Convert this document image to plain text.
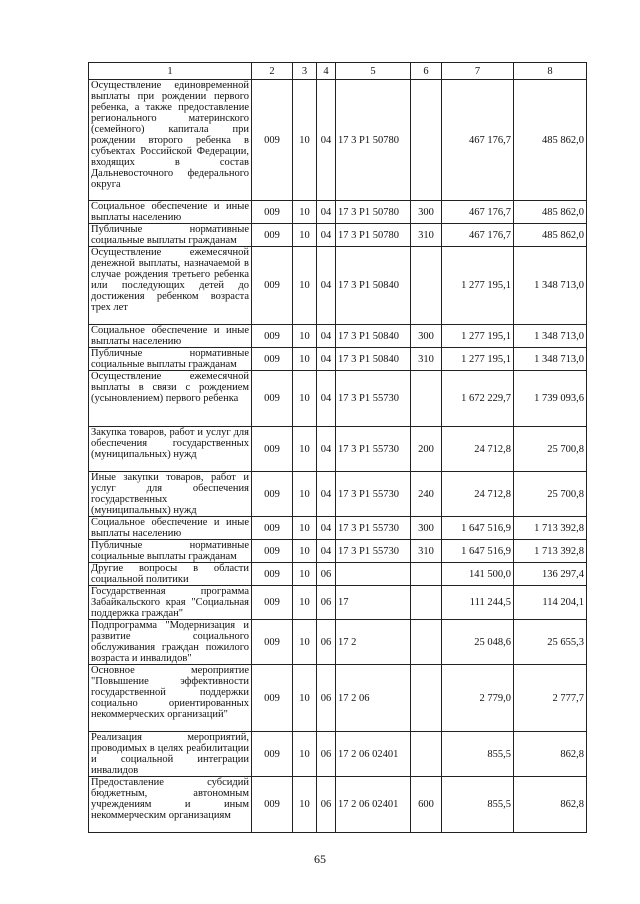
1	2	3	4	5	6	7	8
Осуществление единовременной выплаты при рождении первого ребенка, а также предоставление регионального материнского (семейного) капитала при рождении второго ребенка в субъектах Российской Федерации, входящих в состав Дальневосточного федерального округа	009	10	04	17 3 P1 50780		467 176,7	485 862,0
Социальное обеспечение и иные выплаты населению	009	10	04	17 3 P1 50780	300	467 176,7	485 862,0
Публичные нормативные социальные выплаты гражданам	009	10	04	17 3 P1 50780	310	467 176,7	485 862,0
Осуществление ежемесячной денежной выплаты, назначаемой в случае рождения третьего ребенка или последующих детей до достижения ребенком возраста трех лет	009	10	04	17 3 P1 50840		1 277 195,1	1 348 713,0
Социальное обеспечение и иные выплаты населению	009	10	04	17 3 P1 50840	300	1 277 195,1	1 348 713,0
Публичные нормативные социальные выплаты гражданам	009	10	04	17 3 P1 50840	310	1 277 195,1	1 348 713,0
Осуществление ежемесячной выплаты в связи с рождением (усыновлением) первого ребенка	009	10	04	17 3 P1 55730		1 672 229,7	1 739 093,6
Закупка товаров, работ и услуг для обеспечения государственных (муниципальных) нужд	009	10	04	17 3 P1 55730	200	24 712,8	25 700,8
Иные закупки товаров, работ и услуг для обеспечения государственных (муниципальных) нужд	009	10	04	17 3 P1 55730	240	24 712,8	25 700,8
Социальное обеспечение и иные выплаты населению	009	10	04	17 3 P1 55730	300	1 647 516,9	1 713 392,8
Публичные нормативные социальные выплаты гражданам	009	10	04	17 3 P1 55730	310	1 647 516,9	1 713 392,8
Другие вопросы в области социальной политики	009	10	06			141 500,0	136 297,4
Государственная программа Забайкальского края "Социальная поддержка граждан"	009	10	06	17		111 244,5	114 204,1
Подпрограмма "Модернизация и развитие социального обслуживания граждан пожилого возраста и инвалидов"	009	10	06	17 2		25 048,6	25 655,3
Основное мероприятие "Повышение эффективности государственной поддержки социально ориентированных некоммерческих организаций"	009	10	06	17 2 06		2 779,0	2 777,7
Реализация мероприятий, проводимых в целях реабилитации и социальной интеграции инвалидов	009	10	06	17 2 06 02401		855,5	862,8
Предоставление субсидий бюджетным, автономным учреждениям и иным некоммерческим организациям	009	10	06	17 2 06 02401	600	855,5	862,8
65
